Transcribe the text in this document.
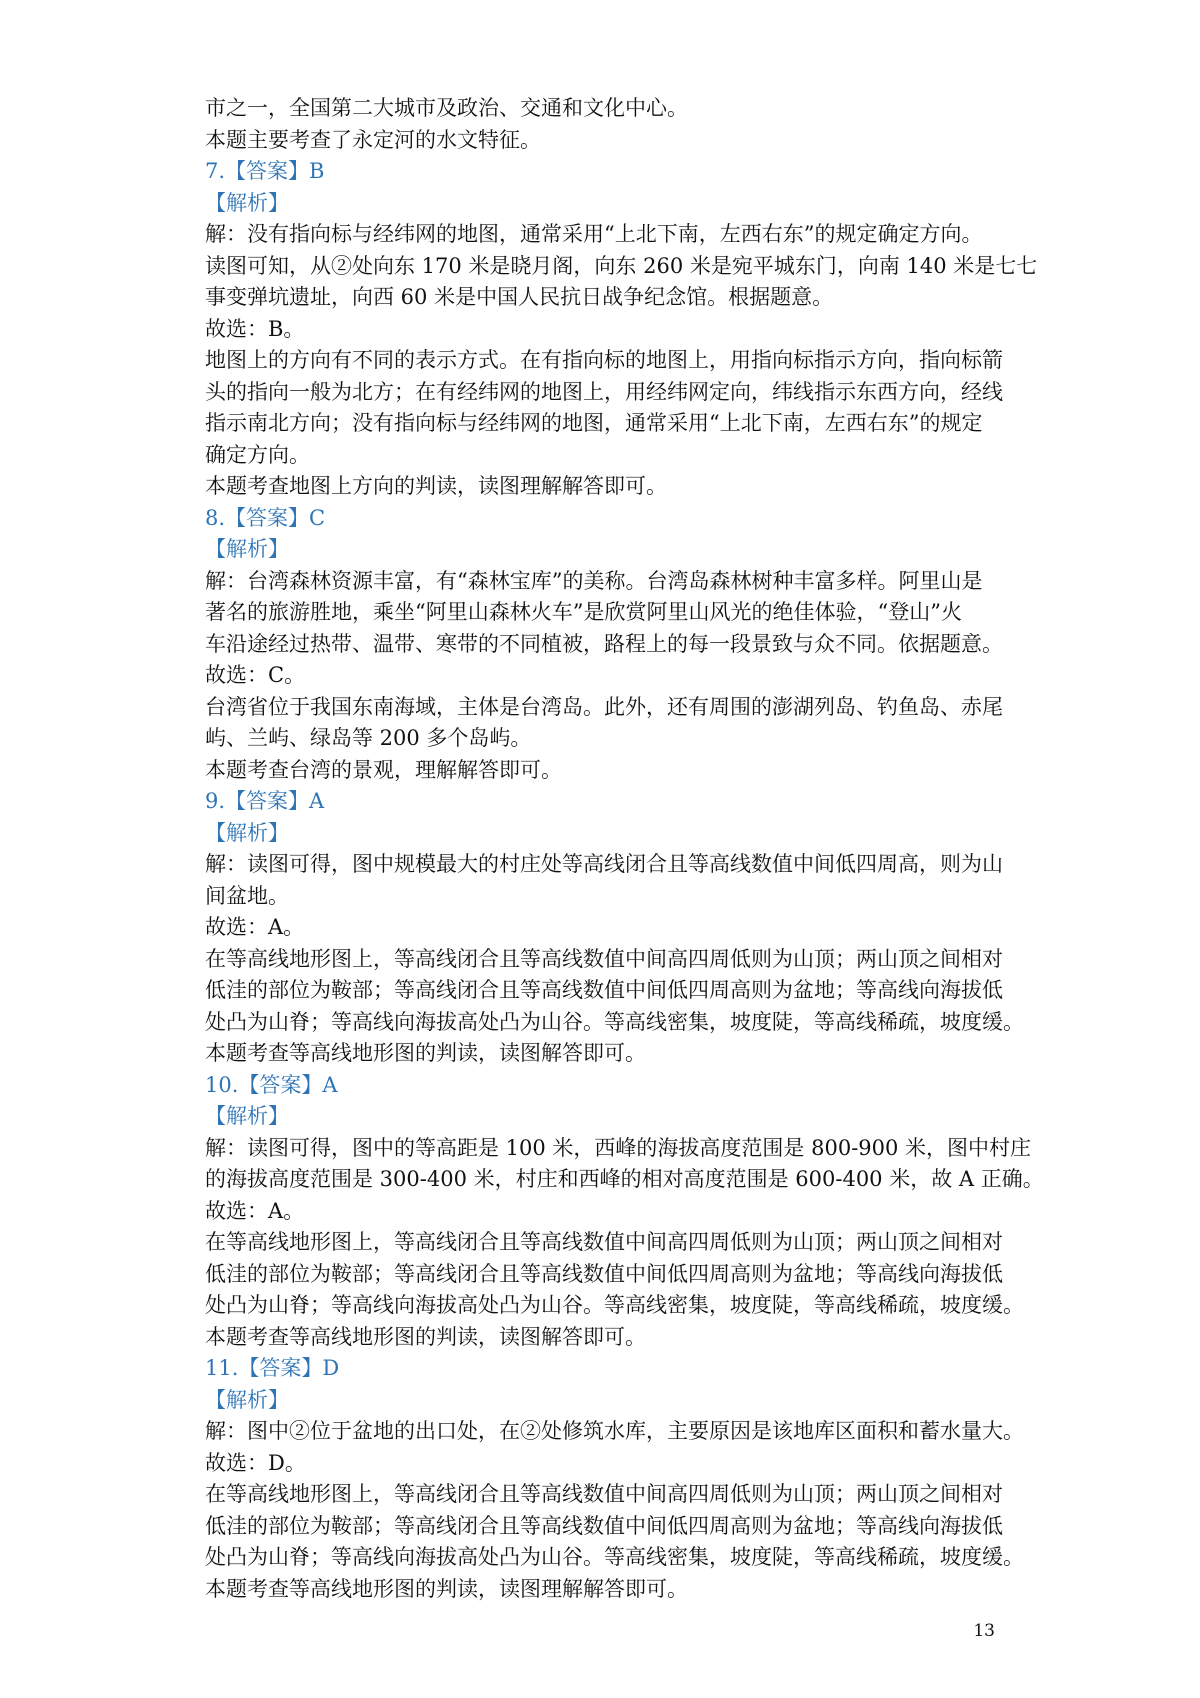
市之一，全国第二大城市及政治、交通和文化中心。

本题主要考查了永定河的水文特征。

7.【答案】B

【解析】

解：没有指向标与经纬网的地图，通常采用“上北下南，左西右东”的规定确定方向。

读图可知，从②处向东 170 米是晓月阁，向东 260 米是宛平城东门，向南 140 米是七七

事变弹坑遗址，向西 60 米是中国人民抗日战争纪念馆。根据题意。

故选：B。

地图上的方向有不同的表示方式。在有指向标的地图上，用指向标指示方向，指向标箭

头的指向一般为北方；在有经纬网的地图上，用经纬网定向，纬线指示东西方向，经线

指示南北方向；没有指向标与经纬网的地图，通常采用“上北下南，左西右东”的规定

确定方向。

本题考查地图上方向的判读，读图理解解答即可。

8.【答案】C

【解析】

解：台湾森林资源丰富，有“森林宝库”的美称。台湾岛森林树种丰富多样。阿里山是

著名的旅游胜地，乘坐“阿里山森林火车”是欣赏阿里山风光的绝佳体验，“登山”火

车沿途经过热带、温带、寒带的不同植被，路程上的每一段景致与众不同。依据题意。

故选：C。

台湾省位于我国东南海域，主体是台湾岛。此外，还有周围的澎湖列岛、钓鱼岛、赤尾

屿、兰屿、绿岛等 200 多个岛屿。

本题考查台湾的景观，理解解答即可。

9.【答案】A

【解析】

解：读图可得，图中规模最大的村庄处等高线闭合且等高线数值中间低四周高，则为山

间盆地。

故选：A。

在等高线地形图上，等高线闭合且等高线数值中间高四周低则为山顶；两山顶之间相对

低洼的部位为鞍部；等高线闭合且等高线数值中间低四周高则为盆地；等高线向海拔低

处凸为山脊；等高线向海拔高处凸为山谷。等高线密集，坡度陡，等高线稀疏，坡度缓。

本题考查等高线地形图的判读，读图解答即可。

10.【答案】A

【解析】

解：读图可得，图中的等高距是 100 米，西峰的海拔高度范围是 800-900 米，图中村庄

的海拔高度范围是 300-400 米，村庄和西峰的相对高度范围是 600-400 米，故 A 正确。

故选：A。

在等高线地形图上，等高线闭合且等高线数值中间高四周低则为山顶；两山顶之间相对

低洼的部位为鞍部；等高线闭合且等高线数值中间低四周高则为盆地；等高线向海拔低

处凸为山脊；等高线向海拔高处凸为山谷。等高线密集，坡度陡，等高线稀疏，坡度缓。

本题考查等高线地形图的判读，读图解答即可。

11.【答案】D

【解析】

解：图中②位于盆地的出口处，在②处修筑水库，主要原因是该地库区面积和蓄水量大。

故选：D。

在等高线地形图上，等高线闭合且等高线数值中间高四周低则为山顶；两山顶之间相对

低洼的部位为鞍部；等高线闭合且等高线数值中间低四周高则为盆地；等高线向海拔低

处凸为山脊；等高线向海拔高处凸为山谷。等高线密集，坡度陡，等高线稀疏，坡度缓。

本题考查等高线地形图的判读，读图理解解答即可。

13
